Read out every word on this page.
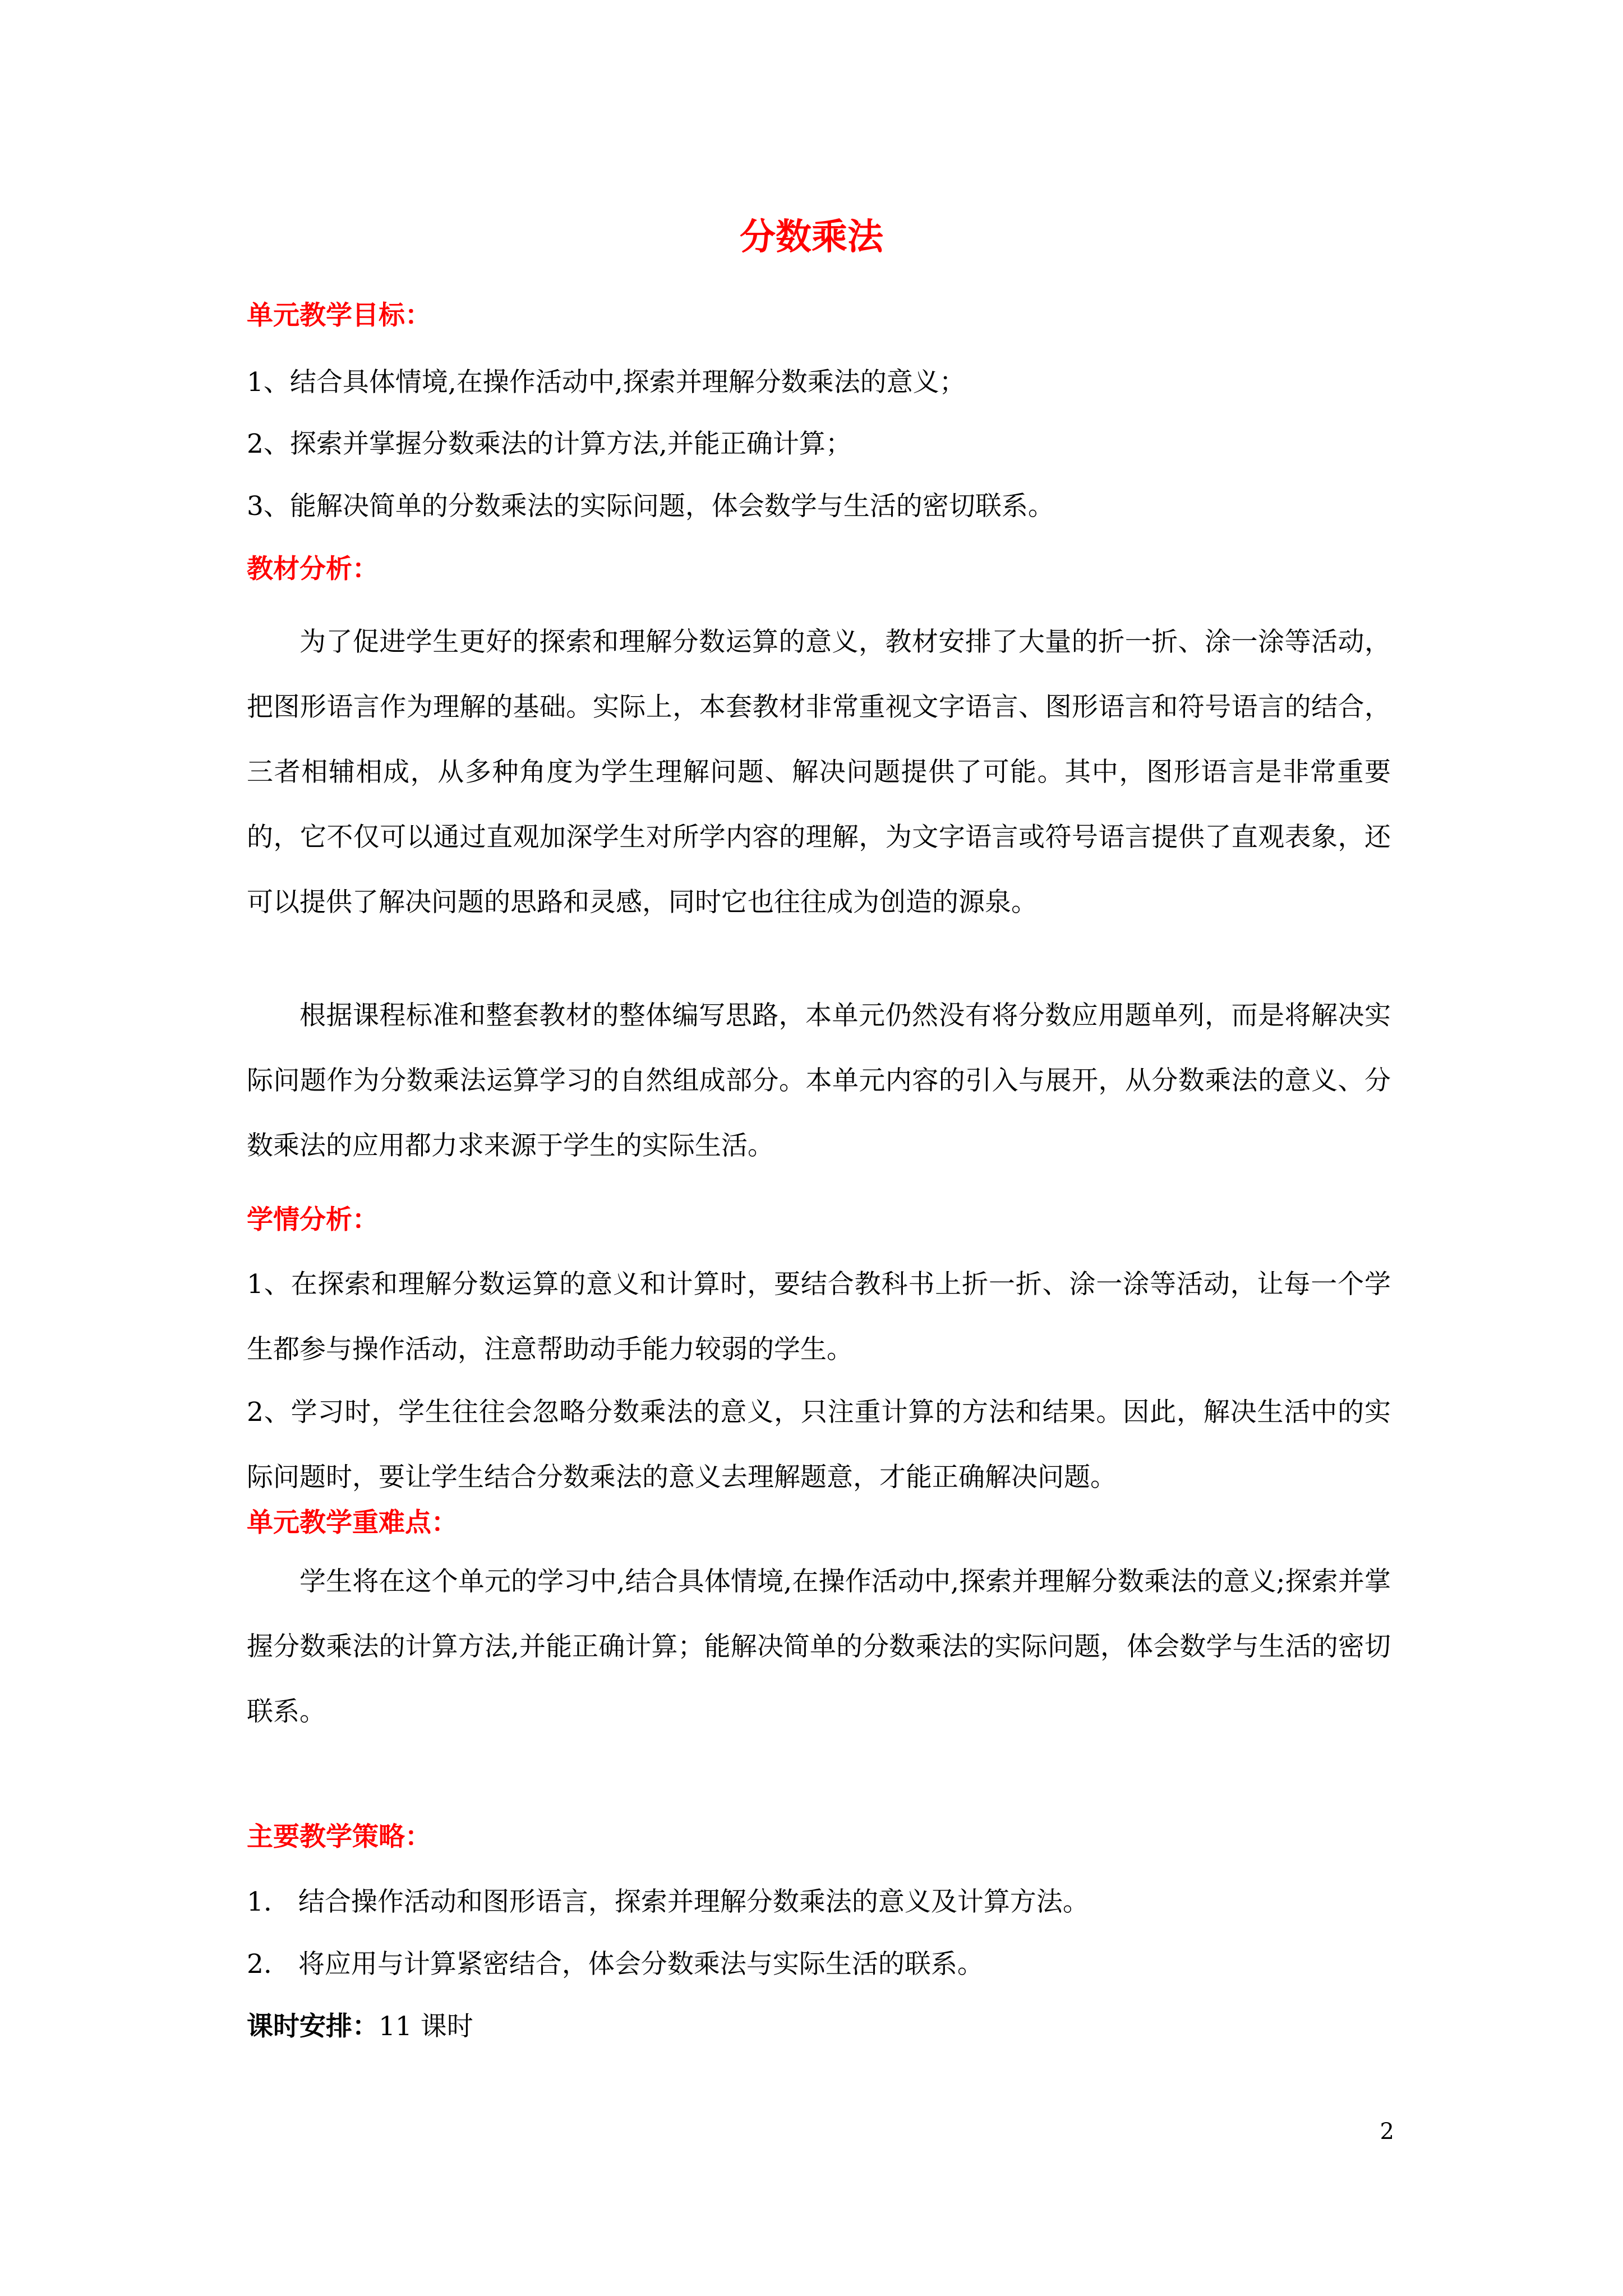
分数乘法
单元教学目标：
1、结合具体情境,在操作活动中,探索并理解分数乘法的意义；
2、探索并掌握分数乘法的计算方法,并能正确计算；
3、能解决简单的分数乘法的实际问题，体会数学与生活的密切联系。
教材分析：

为了促进学生更好的探索和理解分数运算的意义，教材安排了大量的折一折、涂一涂等活动，把图形语言作为理解的基础。实际上，本套教材非常重视文字语言、图形语言和符号语言的结合，三者相辅相成，从多种角度为学生理解问题、解决问题提供了可能。其中，图形语言是非常重要的，它不仅可以通过直观加深学生对所学内容的理解，为文字语言或符号语言提供了直观表象，还可以提供了解决问题的思路和灵感，同时它也往往成为创造的源泉。

根据课程标准和整套教材的整体编写思路，本单元仍然没有将分数应用题单列，而是将解决实际问题作为分数乘法运算学习的自然组成部分。本单元内容的引入与展开，从分数乘法的意义、分数乘法的应用都力求来源于学生的实际生活。

学情分析：

1、在探索和理解分数运算的意义和计算时，要结合教科书上折一折、涂一涂等活动，让每一个学生都参与操作活动，注意帮助动手能力较弱的学生。

2、学习时，学生往往会忽略分数乘法的意义，只注重计算的方法和结果。因此，解决生活中的实际问题时，要让学生结合分数乘法的意义去理解题意，才能正确解决问题。

单元教学重难点：

学生将在这个单元的学习中,结合具体情境,在操作活动中,探索并理解分数乘法的意义;探索并掌握分数乘法的计算方法,并能正确计算；能解决简单的分数乘法的实际问题，体会数学与生活的密切联系。

主要教学策略：
1.　结合操作活动和图形语言，探索并理解分数乘法的意义及计算方法。
2.　将应用与计算紧密结合，体会分数乘法与实际生活的联系。
课时安排：11 课时
2
